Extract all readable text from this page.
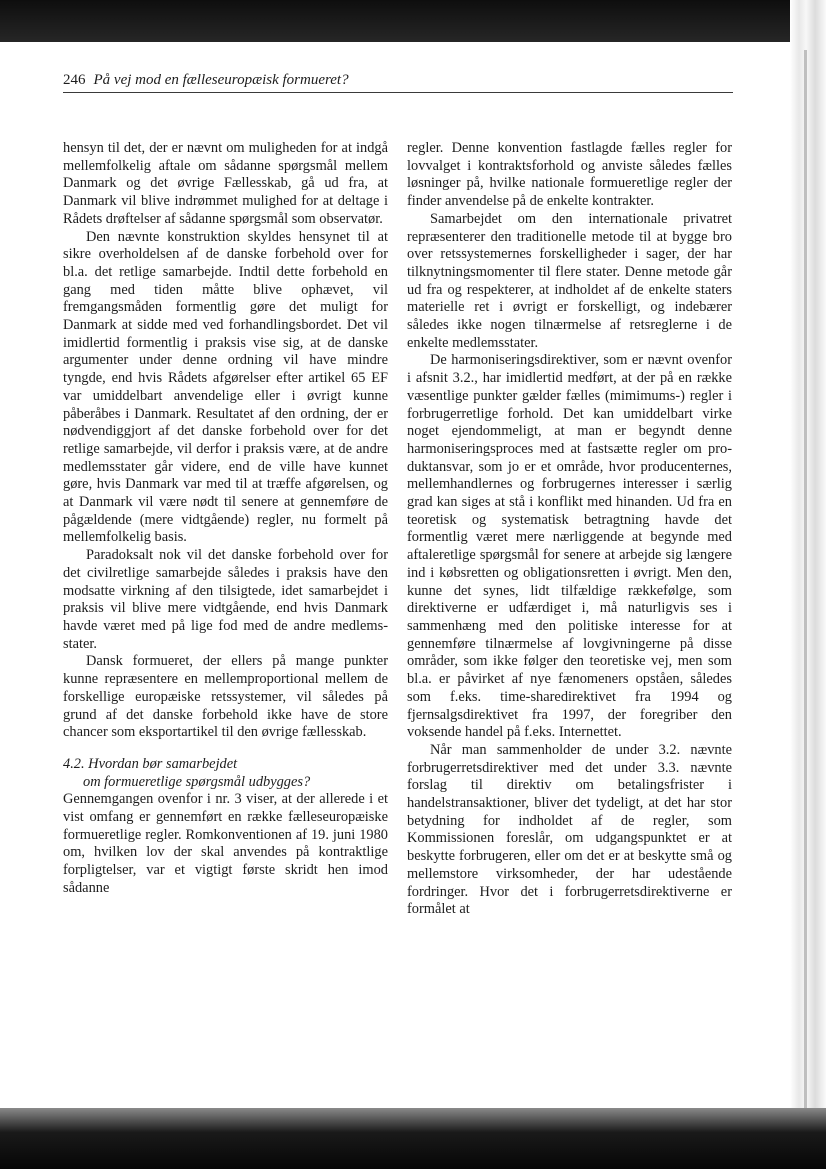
246 På vej mod en fælleseuropæisk formueret?

hensyn til det, der er nævnt om muligheden for at indgå mellemfolkelig aftale om sådanne spørgsmål mellem Danmark og det øvrige Fællesskab, gå ud fra, at Danmark vil blive indrømmet mulighed for at deltage i Rådets drøftelser af sådanne spørgsmål som observatør.

Den nævnte konstruktion skyldes hensynet til at sikre overholdelsen af de danske forbehold over for bl.a. det retlige samarbejde. Indtil dette forbehold en gang med tiden måtte blive ophævet, vil fremgangsmåden formentlig gøre det muligt for Danmark at sidde med ved forhandlingsbordet. Det vil imidlertid formentlig i praksis vise sig, at de danske argumenter under denne ordning vil have mindre tyngde, end hvis Rådets afgørelser efter artikel 65 EF var umiddelbart anvendelige eller i øvrigt kunne påberåbes i Danmark. Resultatet af den ordning, der er nødvendiggjort af det danske forbehold over for det retlige samarbejde, vil derfor i praksis være, at de andre medlemsstater går videre, end de ville have kunnet gøre, hvis Danmark var med til at træffe afgørelsen, og at Danmark vil være nødt til senere at gennemføre de pågældende (mere vidtgående) regler, nu formelt på mellemfolkelig basis.

Paradoksalt nok vil det danske forbehold over for det civilretlige samarbejde således i praksis have den modsatte virkning af den tilsigtede, idet samarbejdet i praksis vil blive mere vidtgående, end hvis Danmark havde været med på lige fod med de andre medlemsstater.

Dansk formueret, der ellers på mange punkter kunne repræsentere en mellemproportional mellem de forskellige europæiske retssystemer, vil således på grund af det danske forbehold ikke have de store chancer som eksportartikel til den øvrige fællesskab.

4.2. Hvordan bør samarbejdet
om formueretlige spørgsmål udbygges?

Gennemgangen ovenfor i nr. 3 viser, at der allerede i et vist omfang er gennemført en række fælleseuropæiske formueretlige regler. Romkonventionen af 19. juni 1980 om, hvilken lov der skal anvendes på kontraktlige forpligtelser, var et vigtigt første skridt hen imod sådanne

regler. Denne konvention fastlagde fælles regler for lovvalget i kontraktsforhold og anviste således fælles løsninger på, hvilke nationale formueretlige regler der finder anvendelse på de enkelte kontrakter.

Samarbejdet om den internationale privatret repræsenterer den traditionelle metode til at bygge bro over retssystemernes forskelligheder i sager, der har tilknytningsmomenter til flere stater. Denne metode går ud fra og respekterer, at indholdet af de enkelte staters materielle ret i øvrigt er forskelligt, og indebærer således ikke nogen tilnærmelse af retsreglerne i de enkelte medlemsstater.

De harmoniseringsdirektiver, som er nævnt ovenfor i afsnit 3.2., har imidlertid medført, at der på en række væsentlige punkter gælder fælles (mimimums-) regler i forbrugerretlige forhold. Det kan umiddelbart virke noget ejendommeligt, at man er begyndt denne harmoniseringsproces med at fastsætte regler om produktansvar, som jo er et område, hvor producenternes, mellemhandlernes og forbrugernes interesser i særlig grad kan siges at stå i konflikt med hinanden. Ud fra en teoretisk og systematisk betragtning havde det formentlig været mere nærliggende at begynde med aftaleretlige spørgsmål for senere at arbejde sig længere ind i købsretten og obligationsretten i øvrigt. Men den, kunne det synes, lidt tilfældige rækkefølge, som direktiverne er udfærdiget i, må naturligvis ses i sammenhæng med den politiske interesse for at gennemføre tilnærmelse af lovgivningerne på disse områder, som ikke følger den teoretiske vej, men som bl.a. er påvirket af nye fænomeners opståen, således som f.eks. time-sharedirektivet fra 1994 og fjernsalgsdirektivet fra 1997, der foregriber den voksende handel på f.eks. Internettet.

Når man sammenholder de under 3.2. nævnte forbrugerretsdirektiver med det under 3.3. nævnte forslag til direktiv om betalingsfrister i handelstransaktioner, bliver det tydeligt, at det har stor betydning for indholdet af de regler, som Kommissionen foreslår, om udgangspunktet er at beskytte forbrugeren, eller om det er at beskytte små og mellemstore virksomheder, der har udestående fordringer. Hvor det i forbrugerretsdirektiverne er formålet at
